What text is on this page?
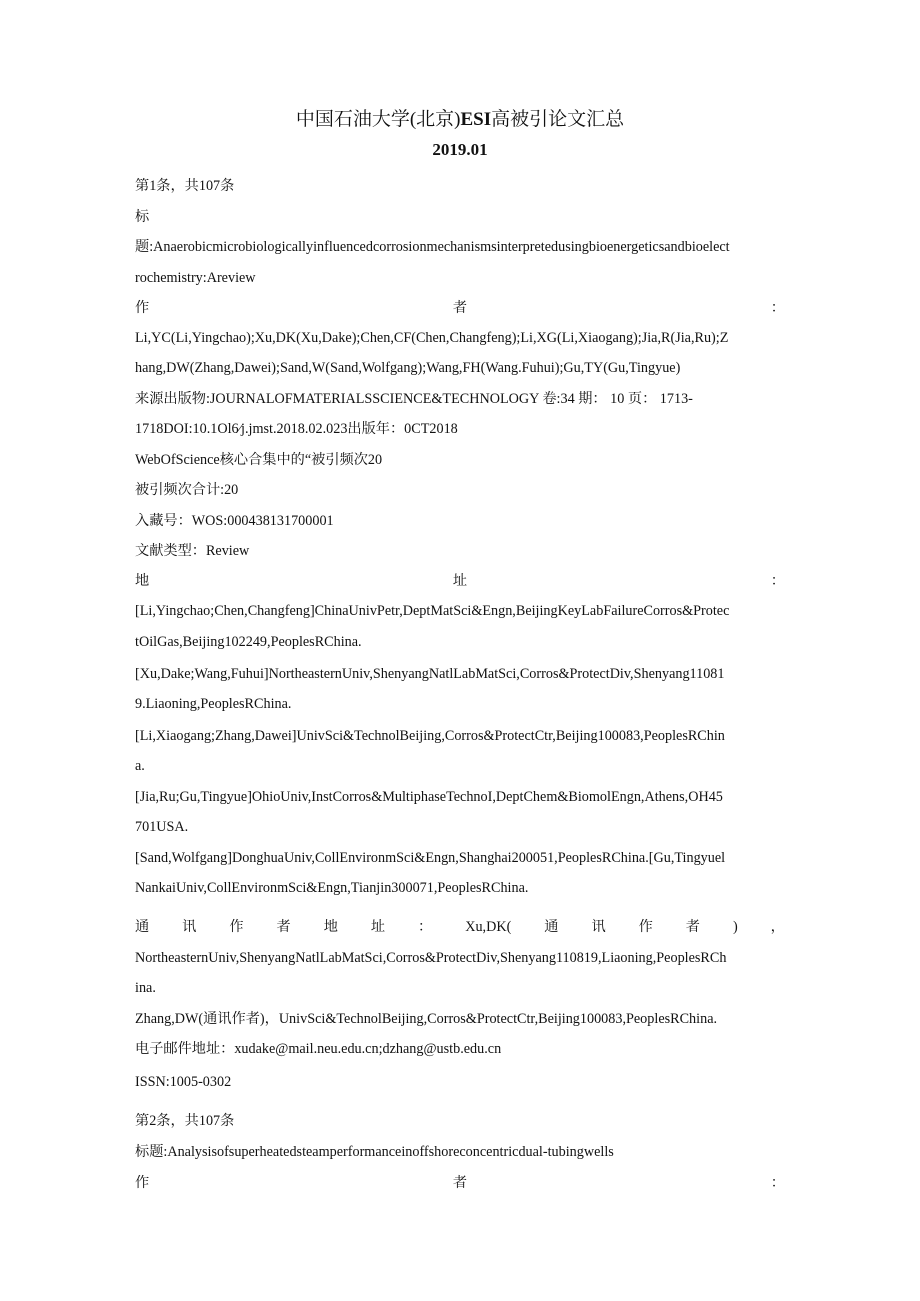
中国石油大学(北京)ESI高被引论文汇总
2019.01
第1条，共107条
标
题:Anaerobicmicrobiologicallyinfluencedcorrosionmechanismsinterpretedusingbioenergeticsandbioelect
rochemistry:Areview
作	者	：
Li,YC(Li,Yingchao);Xu,DK(Xu,Dake);Chen,CF(Chen,Changfeng);Li,XG(Li,Xiaogang);Jia,R(Jia,Ru);Z
hang,DW(Zhang,Dawei);Sand,W(Sand,Wolfgang);Wang,FH(Wang.Fuhui);Gu,TY(Gu,Tingyue)
来源出版物:JOURNALOFMATERIALSSCIENCE&TECHNOLOGY 卷:34 期： 10 页： 1713-
1718DOI:10.1Ol6∕j.jmst.2018.02.023出版年：0CT2018
WebOfScience核心合集中的“被引频次20
被引频次合计:20
入藏号：WOS:000438131700001
文献类型：Review
地	址	：
[Li,Yingchao;Chen,Changfeng]ChinaUnivPetr,DeptMatSci&Engn,BeijingKeyLabFailureCorros&Protec
tOilGas,Beijing102249,PeoplesRChina.
[Xu,Dake;Wang,Fuhui]NortheasternUniv,ShenyangNatlLabMatSci,Corros&ProtectDiv,Shenyang11081
9.Liaoning,PeoplesRChina.
[Li,Xiaogang;Zhang,Dawei]UnivSci&TechnolBeijing,Corros&ProtectCtr,Beijing100083,PeoplesRChin
a.
[Jia,Ru;Gu,Tingyue]OhioUniv,InstCorros&MultiphaseTechnoI,DeptChem&BiomolEngn,Athens,OH45
701USA.
[Sand,Wolfgang]DonghuaUniv,CollEnvironmSci&Engn,Shanghai200051,PeoplesRChina.[Gu,Tingyuel
NankaiUniv,CollEnvironmSci&Engn,Tianjin300071,PeoplesRChina.
通 讯 作 者 地 址 ： Xu,DK( 通 讯 作 者 ) ，
NortheasternUniv,ShenyangNatlLabMatSci,Corros&ProtectDiv,Shenyang110819,Liaoning,PeoplesRCh
ina.
Zhang,DW(通讯作者)，UnivSci&TechnolBeijing,Corros&ProtectCtr,Beijing100083,PeoplesRChina.
电子邮件地址：xudake@mail.neu.edu.cn;dzhang@ustb.edu.cn
ISSN:1005-0302
第2条，共107条
标题:Analysisofsuperheatedsteamperformanceinoffshoreconcentricdual-tubingwells
作	者	：
